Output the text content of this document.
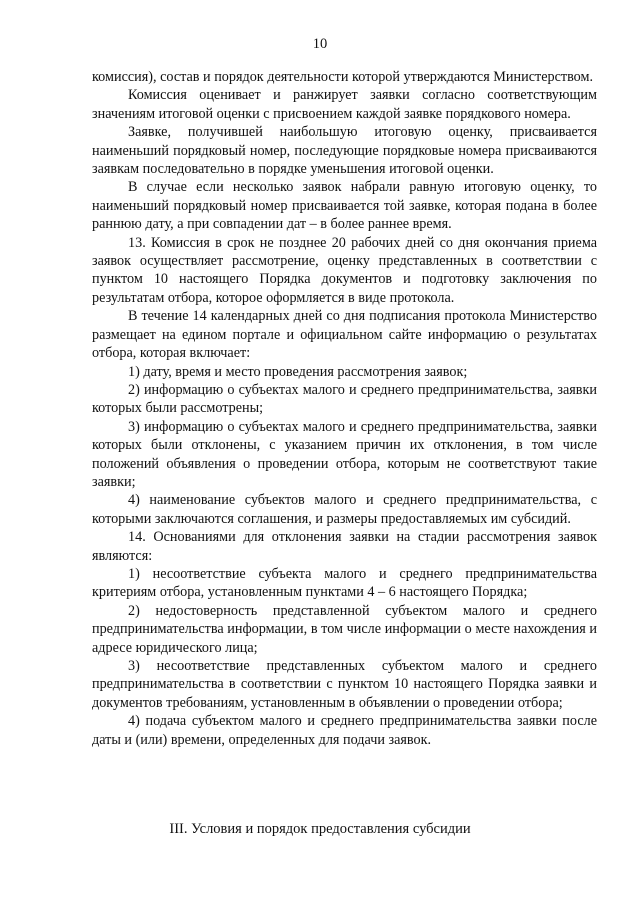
10

комиссия), состав и порядок деятельности которой утверждаются Министерством.

Комиссия оценивает и ранжирует заявки согласно соответствующим значениям итоговой оценки с присвоением каждой заявке порядкового номера.

Заявке, получившей наибольшую итоговую оценку, присваивается наименьший порядковый номер, последующие порядковые номера присваиваются заявкам последовательно в порядке уменьшения итоговой оценки.

В случае если несколько заявок набрали равную итоговую оценку, то наименьший порядковый номер присваивается той заявке, которая подана в более раннюю дату, а при совпадении дат – в более раннее время.

13. Комиссия в срок не позднее 20 рабочих дней со дня окончания приема заявок осуществляет рассмотрение, оценку представленных в соответствии с пунктом 10 настоящего Порядка документов и подготовку заключения по результатам отбора, которое оформляется в виде протокола.

В течение 14 календарных дней со дня подписания протокола Министерство размещает на едином портале и официальном сайте информацию о результатах отбора, которая включает:

1) дату, время и место проведения рассмотрения заявок;

2) информацию о субъектах малого и среднего предпринимательства, заявки которых были рассмотрены;

3) информацию о субъектах малого и среднего предпринимательства, заявки которых были отклонены, с указанием причин их отклонения, в том числе положений объявления о проведении отбора, которым не соответствуют такие заявки;

4) наименование субъектов малого и среднего предпринимательства, с которыми заключаются соглашения, и размеры предоставляемых им субсидий.

14. Основаниями для отклонения заявки на стадии рассмотрения заявок являются:

1) несоответствие субъекта малого и среднего предпринимательства критериям отбора, установленным пунктами 4 – 6 настоящего Порядка;

2) недостоверность представленной субъектом малого и среднего предпринимательства информации, в том числе информации о месте нахождения и адресе юридического лица;

3) несоответствие представленных субъектом малого и среднего предпринимательства в соответствии с пунктом 10 настоящего Порядка заявки и документов требованиям, установленным в объявлении о проведении отбора;

4) подача субъектом малого и среднего предпринимательства заявки после даты и (или) времени, определенных для подачи заявок.

III. Условия и порядок предоставления субсидии
